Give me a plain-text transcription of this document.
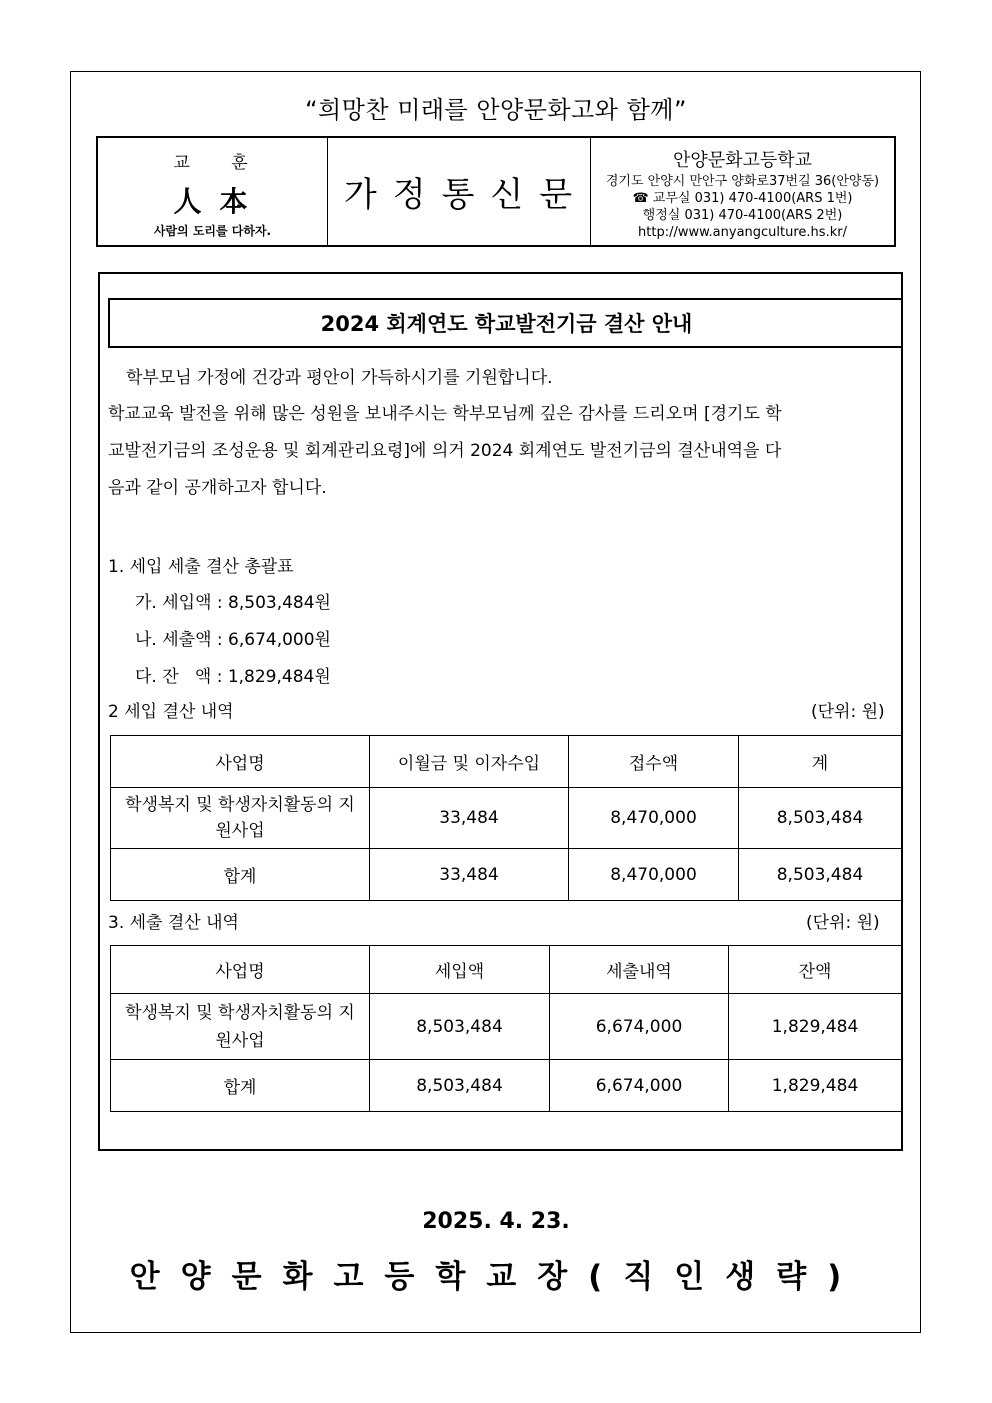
“희망찬 미래를 안양문화고와 함께”
교 훈
人本
사람의 도리를 다하자.
가정통신문
안양문화고등학교
경기도 안양시 만안구 양화로37번길 36(안양동)
☎ 교무실 031) 470-4100(ARS 1번)
행정실 031) 470-4100(ARS 2번)
http://www.anyangculture.hs.kr/
2024 회계연도 학교발전기금 결산 안내
학부모님 가정에 건강과 평안이 가득하시기를 기원합니다.
학교교육 발전을 위해 많은 성원을 보내주시는 학부모님께 깊은 감사를 드리오며 [경기도 학
교발전기금의 조성운용 및 회계관리요령]에 의거 2024 회계연도 발전기금의 결산내역을 다
음과 같이 공개하고자 합니다.
1. 세입 세출 결산 총괄표
가. 세입액 : 8,503,484원
나. 세출액 : 6,674,000원
다. 잔   액 : 1,829,484원
2 세입 결산 내역	(단위: 원)
사업명	이월금 및 이자수입	접수액	계
학생복지 및 학생자치활동의 지원사업	33,484	8,470,000	8,503,484
합계	33,484	8,470,000	8,503,484
3. 세출 결산 내역	(단위: 원)
사업명	세입액	세출내역	잔액
학생복지 및 학생자치활동의 지원사업	8,503,484	6,674,000	1,829,484
합계	8,503,484	6,674,000	1,829,484
2025. 4. 23.
안양문화고등학교장(직인생략)
